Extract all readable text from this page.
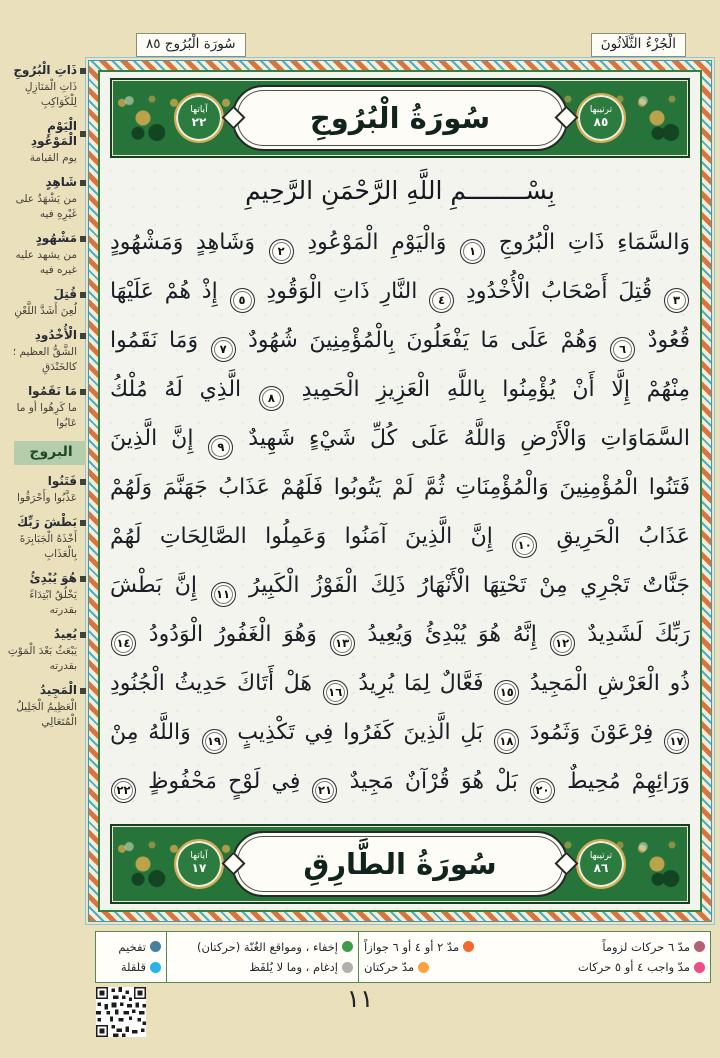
سُورَة الْبُرُوج ٨٥	الْجُزْءُ الثَّلَاثُونَ
ذَاتِ الْبُرُوجِ
ذَاتِ الْمَنَازِلِ لِلْكَوَاكِبِ
الْيَوْمِ الْمَوْعُودِ
يوم القيامة
شَاهِدٍ
من يَشْهَدُ على غَيْرِهِ فيه
مَشْهُودٍ
من يشهد عليه غيره فيه
قُتِلَ
لُعِنَ أَشَدَّ اللَّعْنِ
الْأُخْدُودِ
الشَّقُّ العظيم ؛ كالخَنْدَقِ
مَا نَقَمُوا
ما كَرِهُوا أو ما عَابُوا
البروج
فَتَنُوا
عَذَّبُوا وأَحْرَقُوا
بَطْشَ رَبِّكَ
أَخْذَهُ الْجَبَابِرَةَ بِالْعَذَابِ
هُوَ يُبْدِئُ
يَخْلُقُ ابْتِدَاءً بقدرته
يُعِيدُ
يَبْعَثُ بَعْدَ الْمَوْتِ بقدرته
الْمَجِيدُ
الْعَظِيمُ الْجَلِيلُ الْمُتَعَالِي
ترتيبها
٨٥
سُورَةُ الْبُرُوجِ
آياتها
٢٢
بِسْــــــــمِ اللَّهِ الرَّحْمَنِ الرَّحِيمِ
وَالسَّمَاءِ ذَاتِ الْبُرُوجِ ١ وَالْيَوْمِ الْمَوْعُودِ ٢ وَشَاهِدٍ وَمَشْهُودٍ
٣ قُتِلَ أَصْحَابُ الْأُخْدُودِ ٤ النَّارِ ذَاتِ الْوَقُودِ ٥ إِذْ هُمْ عَلَيْهَا
قُعُودٌ ٦ وَهُمْ عَلَى مَا يَفْعَلُونَ بِالْمُؤْمِنِينَ شُهُودٌ ٧ وَمَا نَقَمُوا
مِنْهُمْ إِلَّا أَنْ يُؤْمِنُوا بِاللَّهِ الْعَزِيزِ الْحَمِيدِ ٨ الَّذِي لَهُ مُلْكُ
السَّمَاوَاتِ وَالْأَرْضِ وَاللَّهُ عَلَى كُلِّ شَيْءٍ شَهِيدٌ ٩ إِنَّ الَّذِينَ
فَتَنُوا الْمُؤْمِنِينَ وَالْمُؤْمِنَاتِ ثُمَّ لَمْ يَتُوبُوا فَلَهُمْ عَذَابُ جَهَنَّمَ وَلَهُمْ
عَذَابُ الْحَرِيقِ ١٠ إِنَّ الَّذِينَ آمَنُوا وَعَمِلُوا الصَّالِحَاتِ لَهُمْ
جَنَّاتٌ تَجْرِي مِنْ تَحْتِهَا الْأَنْهَارُ ذَلِكَ الْفَوْزُ الْكَبِيرُ ١١ إِنَّ بَطْشَ
رَبِّكَ لَشَدِيدٌ ١٢ إِنَّهُ هُوَ يُبْدِئُ وَيُعِيدُ ١٣ وَهُوَ الْغَفُورُ الْوَدُودُ ١٤
ذُو الْعَرْشِ الْمَجِيدُ ١٥ فَعَّالٌ لِمَا يُرِيدُ ١٦ هَلْ أَتَاكَ حَدِيثُ الْجُنُودِ
١٧ فِرْعَوْنَ وَثَمُودَ ١٨ بَلِ الَّذِينَ كَفَرُوا فِي تَكْذِيبٍ ١٩ وَاللَّهُ مِنْ
وَرَائِهِمْ مُحِيطٌ ٢٠ بَلْ هُوَ قُرْآنٌ مَجِيدٌ ٢١ فِي لَوْحٍ مَحْفُوظٍ ٢٢
ترتيبها
٨٦
سُورَةُ الطَّارِقِ
آياتها
١٧
مدّ ٦ حركات لزوماً
مدّ ٢ أو ٤ أو ٦ جوازاً
مدّ واجب ٤ أو ٥ حركات
مدّ حركتان
إخفاء ، ومواقع الغُنّة (حركتان)
إدغام ، وما لا يُلفَظ
تفخيم
قلقلة
١١
